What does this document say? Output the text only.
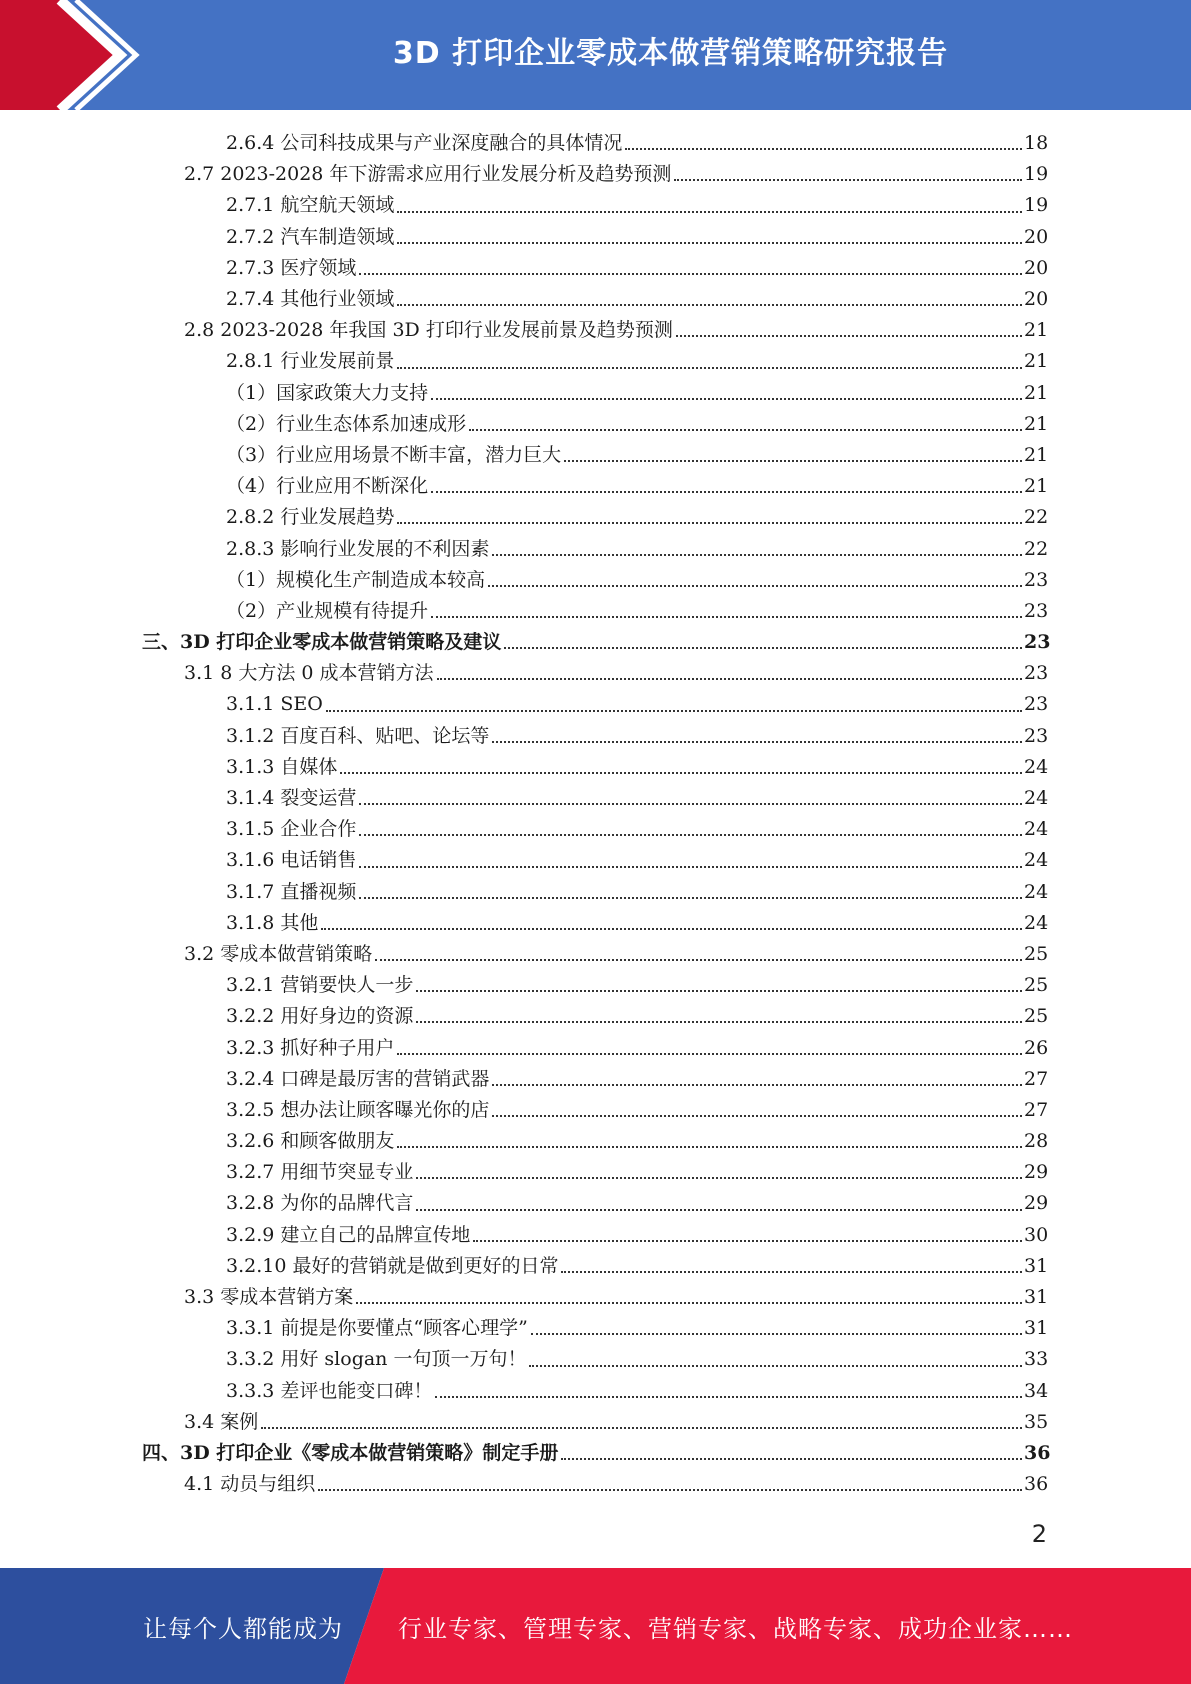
3D 打印企业零成本做营销策略研究报告
2.6.4 公司科技成果与产业深度融合的具体情况	18
2.7 2023-2028 年下游需求应用行业发展分析及趋势预测	19
2.7.1 航空航天领域	19
2.7.2 汽车制造领域	20
2.7.3 医疗领域	20
2.7.4 其他行业领域	20
2.8 2023-2028 年我国 3D 打印行业发展前景及趋势预测	21
2.8.1 行业发展前景	21
（1）国家政策大力支持	21
（2）行业生态体系加速成形	21
（3）行业应用场景不断丰富，潜力巨大	21
（4）行业应用不断深化	21
2.8.2 行业发展趋势	22
2.8.3 影响行业发展的不利因素	22
（1）规模化生产制造成本较高	23
（2）产业规模有待提升	23
三、3D 打印企业零成本做营销策略及建议	23
3.1 8 大方法 0 成本营销方法	23
3.1.1 SEO	23
3.1.2 百度百科、贴吧、论坛等	23
3.1.3 自媒体	24
3.1.4 裂变运营	24
3.1.5 企业合作	24
3.1.6 电话销售	24
3.1.7 直播视频	24
3.1.8 其他	24
3.2 零成本做营销策略	25
3.2.1 营销要快人一步	25
3.2.2 用好身边的资源	25
3.2.3 抓好种子用户	26
3.2.4 口碑是最厉害的营销武器	27
3.2.5 想办法让顾客曝光你的店	27
3.2.6 和顾客做朋友	28
3.2.7 用细节突显专业	29
3.2.8 为你的品牌代言	29
3.2.9 建立自己的品牌宣传地	30
3.2.10 最好的营销就是做到更好的日常	31
3.3 零成本营销方案	31
3.3.1 前提是你要懂点“顾客心理学”	31
3.3.2 用好 slogan 一句顶一万句！	33
3.3.3 差评也能变口碑！	34
3.4 案例	35
四、3D 打印企业《零成本做营销策略》制定手册	36
4.1 动员与组织	36
2
让每个人都能成为 行业专家、管理专家、营销专家、战略专家、成功企业家……
